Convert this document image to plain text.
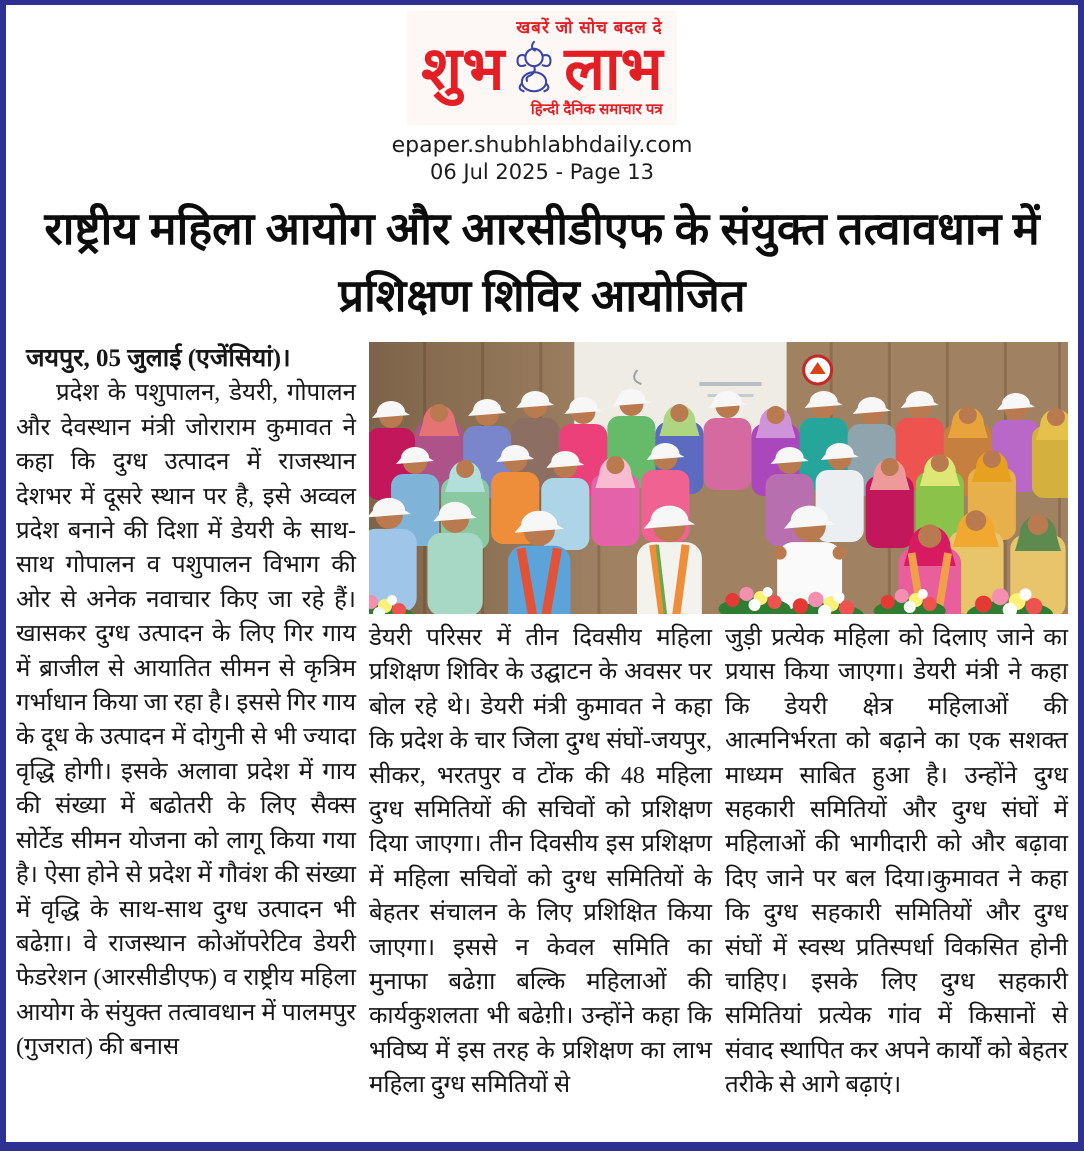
खबरें जो सोच बदल दे
शुभ लाभ
हिन्दी दैनिक समाचार पत्र
epaper.shubhlabhdaily.com
06 Jul 2025 - Page 13
राष्ट्रीय महिला आयोग और आरसीडीएफ के संयुक्त तत्वावधान में प्रशिक्षण शिविर आयोजित
जयपुर, 05 जुलाई (एजेंसियां)।

प्रदेश के पशुपालन, डेयरी, गोपालन और देवस्थान मंत्री जोराराम कुमावत ने कहा कि दुग्ध उत्पादन में राजस्थान देशभर में दूसरे स्थान पर है, इसे अव्वल प्रदेश बनाने की दिशा में डेयरी के साथ-साथ गोपालन व पशुपालन विभाग की ओर से अनेक नवाचार किए जा रहे हैं। खासकर दुग्ध उत्पादन के लिए गिर गाय में ब्राजील से आयातित सीमन से कृत्रिम गर्भाधान किया जा रहा है। इससे गिर गाय के दूध के उत्पादन में दोगुनी से भी ज्यादा वृद्धि होगी। इसके अलावा प्रदेश में गाय की संख्या में बढोतरी के लिए सैक्स सोर्टेड सीमन योजना को लागू किया गया है। ऐसा होने से प्रदेश में गौवंश की संख्या में वृद्धि के साथ-साथ दुग्ध उत्पादन भी बढेग़ा। वे राजस्थान कोऑपरेटिव डेयरी फेडरेशन (आरसीडीएफ) व राष्ट्रीय महिला आयोग के संयुक्त तत्वावधान में पालमपुर (गुजरात) की बनास

डेयरी परिसर में तीन दिवसीय महिला प्रशिक्षण शिविर के उद्घाटन के अवसर पर बोल रहे थे। डेयरी मंत्री कुमावत ने कहा कि प्रदेश के चार जिला दुग्ध संघों-जयपुर, सीकर, भरतपुर व टोंक की 48 महिला दुग्ध समितियों की सचिवों को प्रशिक्षण दिया जाएगा। तीन दिवसीय इस प्रशिक्षण में महिला सचिवों को दुग्ध समितियों के बेहतर संचालन के लिए प्रशिक्षित किया जाएगा। इससे न केवल समिति का मुनाफा बढेग़ा बल्कि महिलाओं की कार्यकुशलता भी बढेग़ी। उन्होंने कहा कि भविष्य में इस तरह के प्रशिक्षण का लाभ महिला दुग्ध समितियों से

जुड़ी प्रत्येक महिला को दिलाए जाने का प्रयास किया जाएगा। डेयरी मंत्री ने कहा कि डेयरी क्षेत्र महिलाओं की आत्मनिर्भरता को बढ़ाने का एक सशक्त माध्यम साबित हुआ है। उन्होंने दुग्ध सहकारी समितियों और दुग्ध संघों में महिलाओं की भागीदारी को और बढ़ावा दिए जाने पर बल दिया।कुमावत ने कहा कि दुग्ध सहकारी समितियों और दुग्ध संघों में स्वस्थ प्रतिस्पर्धा विकसित होनी चाहिए। इसके लिए दुग्ध सहकारी समितियां प्रत्येक गांव में किसानों से संवाद स्थापित कर अपने कार्यों को बेहतर तरीके से आगे बढ़ाएं।
